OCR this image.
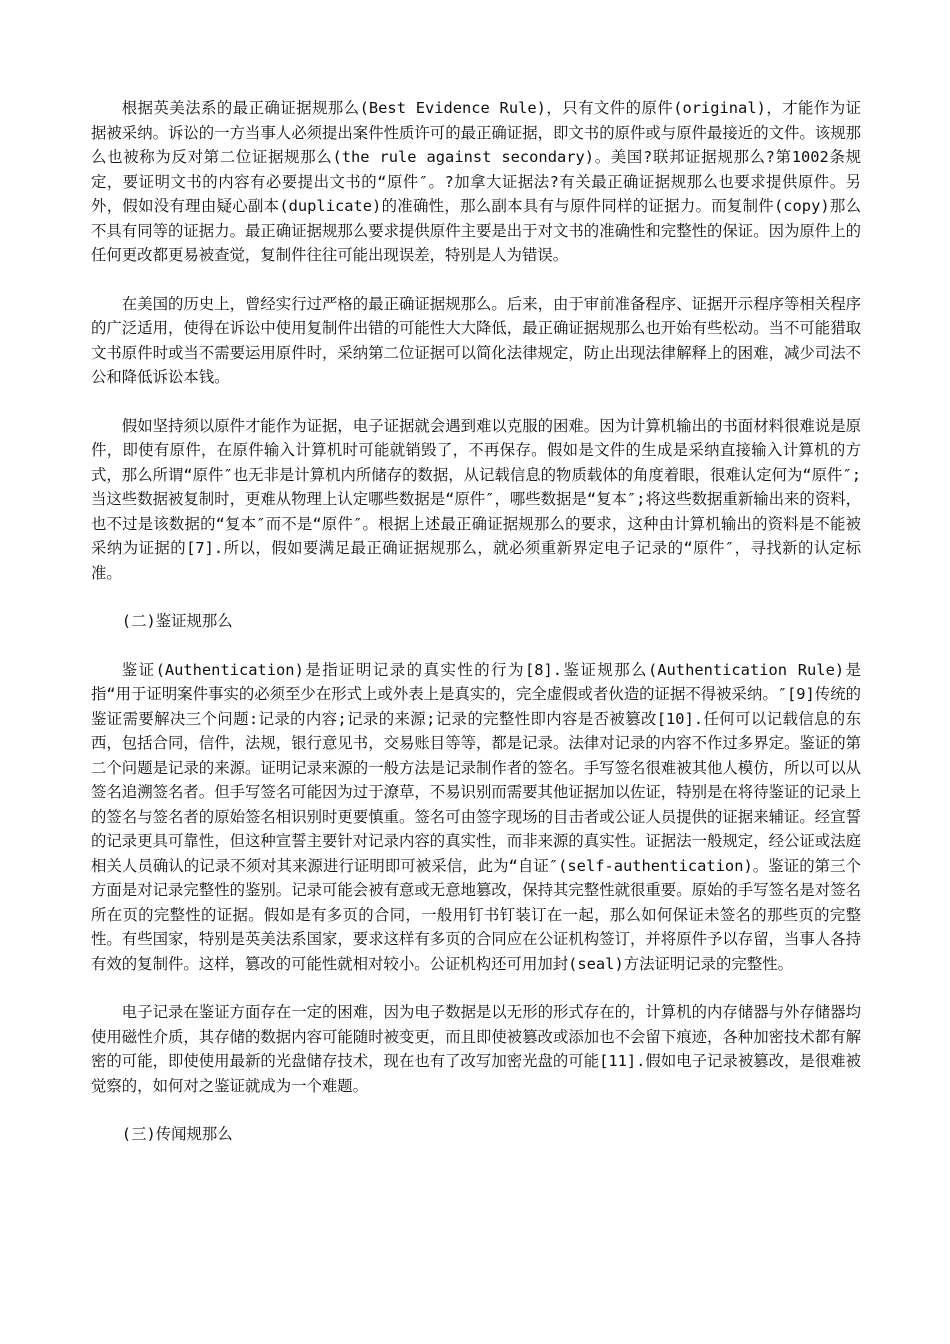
根据英美法系的最正确证据规那么(Best Evidence Rule)，只有文件的原件(original)，才能作为证据被采纳。诉讼的一方当事人必须提出案件性质许可的最正确证据，即文书的原件或与原件最接近的文件。该规那么也被称为反对第二位证据规那么(the rule against secondary)。美国?联邦证据规那么?第1002条规定，要证明文书的内容有必要提出文书的“原件″。?加拿大证据法?有关最正确证据规那么也要求提供原件。另外，假如没有理由疑心副本(duplicate)的准确性，那么副本具有与原件同样的证据力。而复制件(copy)那么不具有同等的证据力。最正确证据规那么要求提供原件主要是出于对文书的准确性和完整性的保证。因为原件上的任何更改都更易被查觉，复制件往往可能出现误差，特别是人为错误。

在美国的历史上，曾经实行过严格的最正确证据规那么。后来，由于审前准备程序、证据开示程序等相关程序的广泛适用，使得在诉讼中使用复制件出错的可能性大大降低，最正确证据规那么也开始有些松动。当不可能猎取文书原件时或当不需要运用原件时，采纳第二位证据可以简化法律规定，防止出现法律解释上的困难，减少司法不公和降低诉讼本钱。

假如坚持须以原件才能作为证据，电子证据就会遇到难以克服的困难。因为计算机输出的书面材料很难说是原件，即使有原件，在原件输入计算机时可能就销毁了，不再保存。假如是文件的生成是采纳直接输入计算机的方式，那么所谓“原件″也无非是计算机内所储存的数据，从记载信息的物质载体的角度着眼，很难认定何为“原件″;当这些数据被复制时，更难从物理上认定哪些数据是“原件″，哪些数据是“复本″;将这些数据重新输出来的资料，也不过是该数据的“复本″而不是“原件″。根据上述最正确证据规那么的要求，这种由计算机输出的资料是不能被采纳为证据的[7].所以，假如要满足最正确证据规那么，就必须重新界定电子记录的“原件″，寻找新的认定标准。

(二)鉴证规那么

鉴证(Authentication)是指证明记录的真实性的行为[8].鉴证规那么(Authentication Rule)是指“用于证明案件事实的必须至少在形式上或外表上是真实的，完全虚假或者伙造的证据不得被采纳。″[9]传统的鉴证需要解决三个问题:记录的内容;记录的来源;记录的完整性即内容是否被篡改[10].任何可以记载信息的东西，包括合同，信件，法规，银行意见书，交易账目等等，都是记录。法律对记录的内容不作过多界定。鉴证的第二个问题是记录的来源。证明记录来源的一般方法是记录制作者的签名。手写签名很难被其他人模仿，所以可以从签名追溯签名者。但手写签名可能因为过于潦草，不易识别而需要其他证据加以佐证，特别是在将待鉴证的记录上的签名与签名者的原始签名相识别时更要慎重。签名可由签字现场的目击者或公证人员提供的证据来辅证。经宣誓的记录更具可靠性，但这种宣誓主要针对记录内容的真实性，而非来源的真实性。证据法一般规定，经公证或法庭相关人员确认的记录不须对其来源进行证明即可被采信，此为“自证″(self-authentication)。鉴证的第三个方面是对记录完整性的鉴别。记录可能会被有意或无意地篡改，保持其完整性就很重要。原始的手写签名是对签名所在页的完整性的证据。假如是有多页的合同，一般用钉书钉装订在一起，那么如何保证未签名的那些页的完整性。有些国家，特别是英美法系国家，要求这样有多页的合同应在公证机构签订，并将原件予以存留，当事人各持有效的复制件。这样，篡改的可能性就相对较小。公证机构还可用加封(seal)方法证明记录的完整性。

电子记录在鉴证方面存在一定的困难，因为电子数据是以无形的形式存在的，计算机的内存储器与外存储器均使用磁性介质，其存储的数据内容可能随时被变更，而且即使被篡改或添加也不会留下痕迹，各种加密技术都有解密的可能，即使使用最新的光盘储存技术，现在也有了改写加密光盘的可能[11].假如电子记录被篡改，是很难被觉察的，如何对之鉴证就成为一个难题。

(三)传闻规那么
